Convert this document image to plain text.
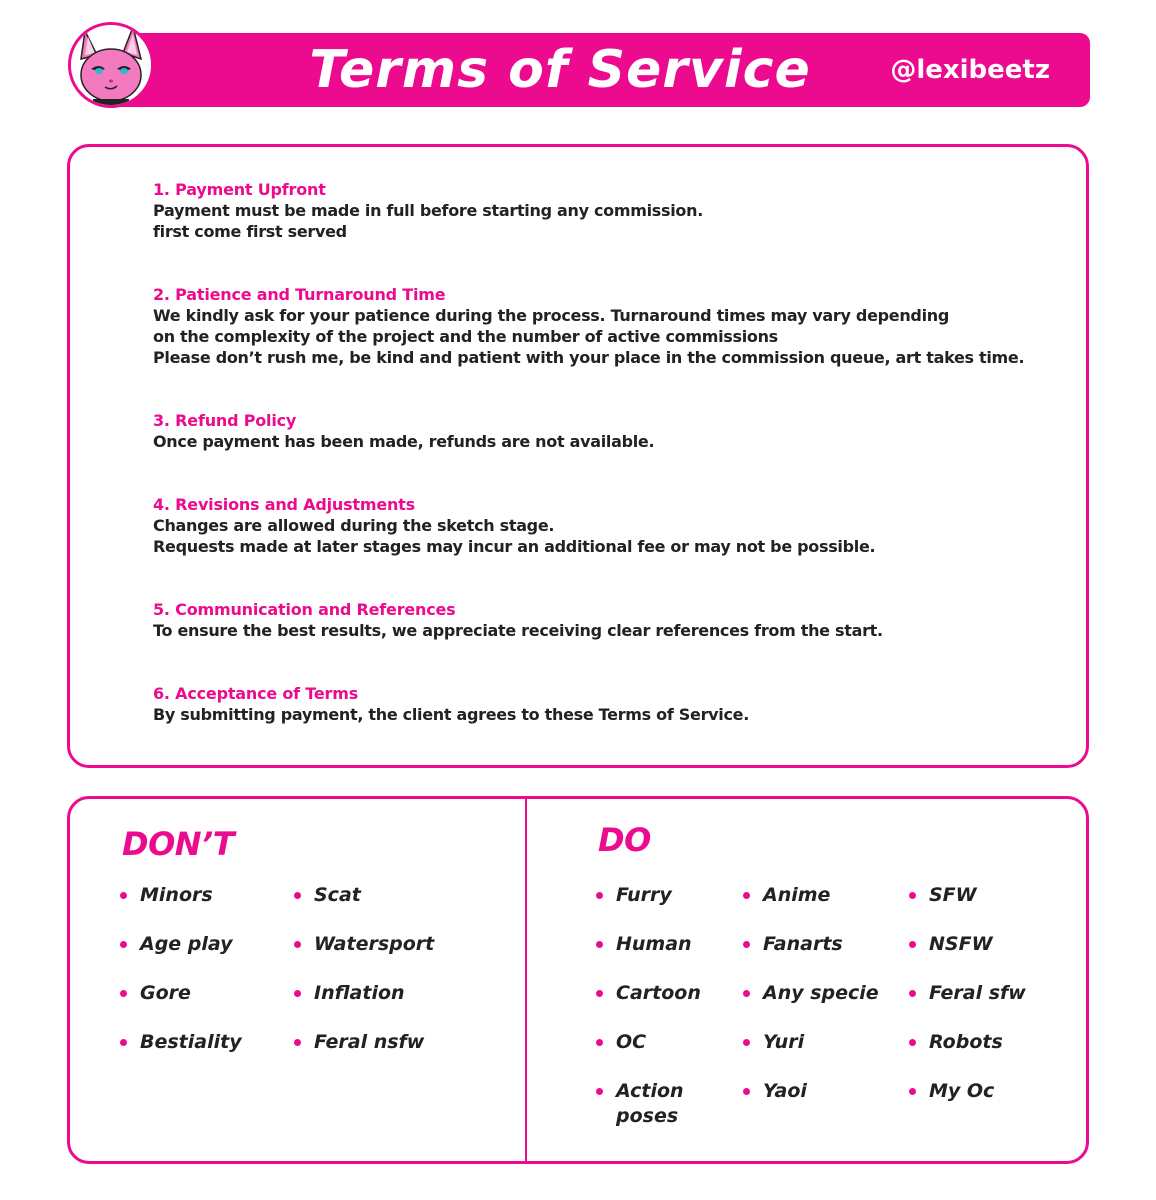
Terms of Service	@lexibeetz
1. Payment Upfront
Payment must be made in full before starting any commission.
first come first served
2. Patience and Turnaround Time
We kindly ask for your patience during the process. Turnaround times may vary depending
on the complexity of the project and the number of active commissions
Please don’t rush me, be kind and patient with your place in the commission queue, art takes time.
3. Refund Policy
Once payment has been made, refunds are not available.
4. Revisions and Adjustments
Changes are allowed during the sketch stage.
Requests made at later stages may incur an additional fee or may not be possible.
5. Communication and References
To ensure the best results, we appreciate receiving clear references from the start.
6. Acceptance of Terms
By submitting payment, the client agrees to these Terms of Service.
DON’T
Minors
Age play
Gore
Bestiality
Scat
Watersport
Inflation
Feral nsfw
DO
Furry
Human
Cartoon
OC
Action poses
Anime
Fanarts
Any specie
Yuri
Yaoi
SFW
NSFW
Feral sfw
Robots
My Oc
